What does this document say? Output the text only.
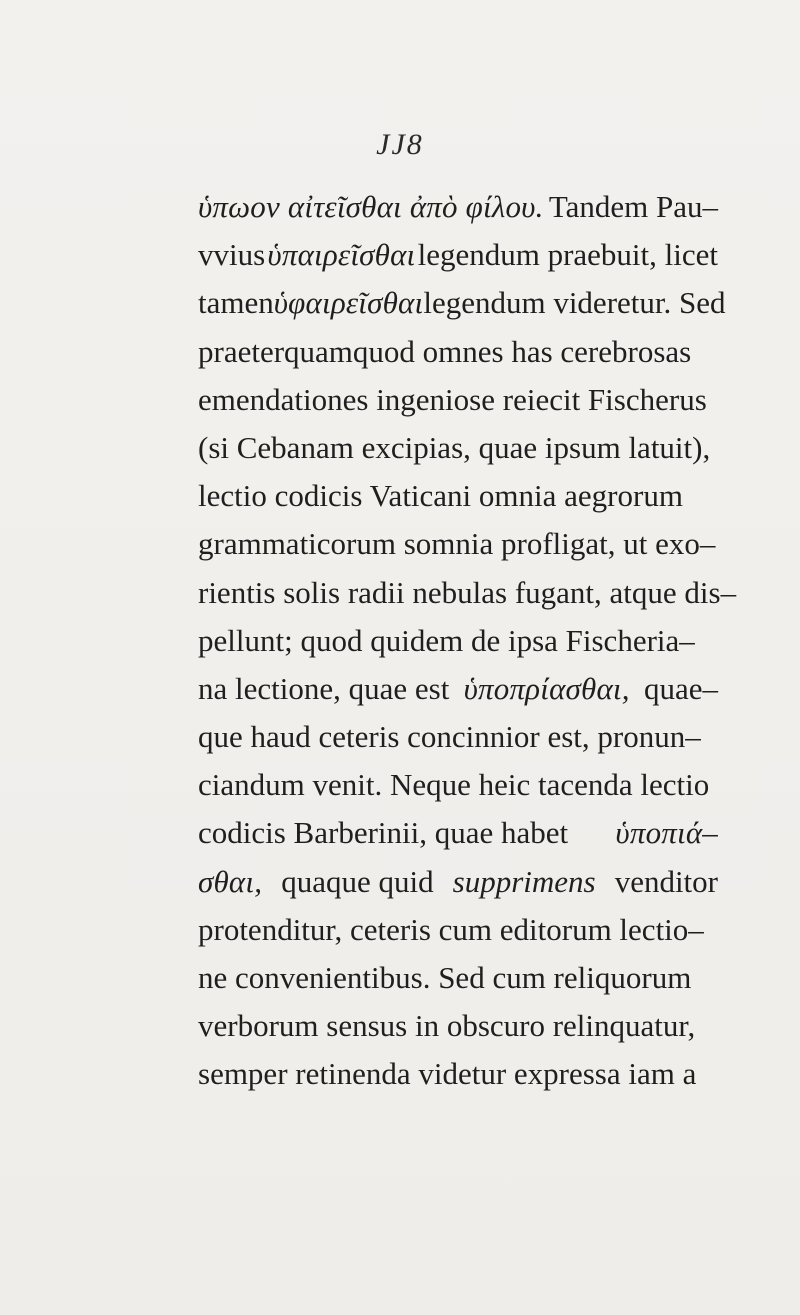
JJ8
ὑπωον αἰτεῖσθαι ἀπὸ φίλου. Tandem Pau–
vvius ὑπαιρεῖσθαι legendum praebuit, licet
tamen ὑφαιρεῖσθαι legendum videretur. Sed
praeterquamquod omnes has cerebrosas
emendationes ingeniose reiecit Fischerus
(si Cebanam excipias, quae ipsum latuit),
lectio codicis Vaticani omnia aegrorum
grammaticorum somnia profligat, ut exo–
rientis solis radii nebulas fugant, atque dis–
pellunt; quod quidem de ipsa Fischeria–
na lectione, quae est ὑποπρίασθαι, quae–
que haud ceteris concinnior est, pronun–
ciandum venit. Neque heic tacenda lectio
codicis Barberinii, quae habet ὑποπιά–
σθαι, quaque quid supprimens venditor
protenditur, ceteris cum editorum lectio–
ne convenientibus. Sed cum reliquorum
verborum sensus in obscuro relinquatur,
semper retinenda videtur expressa iam a
